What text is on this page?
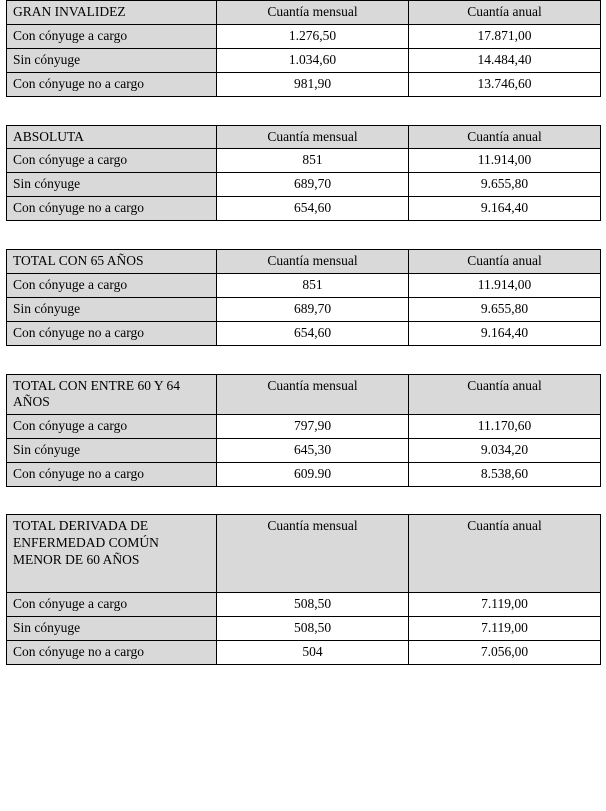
GRAN INVALIDEZ	Cuantía mensual	Cuantía anual
Con cónyuge a cargo	1.276,50	17.871,00
Sin cónyuge	1.034,60	14.484,40
Con cónyuge no a cargo	981,90	13.746,60
ABSOLUTA	Cuantía mensual	Cuantía anual
Con cónyuge a cargo	851	11.914,00
Sin cónyuge	689,70	9.655,80
Con cónyuge no a cargo	654,60	9.164,40
TOTAL CON 65 AÑOS	Cuantía mensual	Cuantía anual
Con cónyuge a cargo	851	11.914,00
Sin cónyuge	689,70	9.655,80
Con cónyuge no a cargo	654,60	9.164,40
TOTAL CON ENTRE 60 Y 64 AÑOS	Cuantía mensual	Cuantía anual
Con cónyuge a cargo	797,90	11.170,60
Sin cónyuge	645,30	9.034,20
Con cónyuge no a cargo	609.90	8.538,60
TOTAL DERIVADA DE ENFERMEDAD COMÚN MENOR DE 60 AÑOS	Cuantía mensual	Cuantía anual
Con cónyuge a cargo	508,50	7.119,00
Sin cónyuge	508,50	7.119,00
Con cónyuge no a cargo	504	7.056,00
